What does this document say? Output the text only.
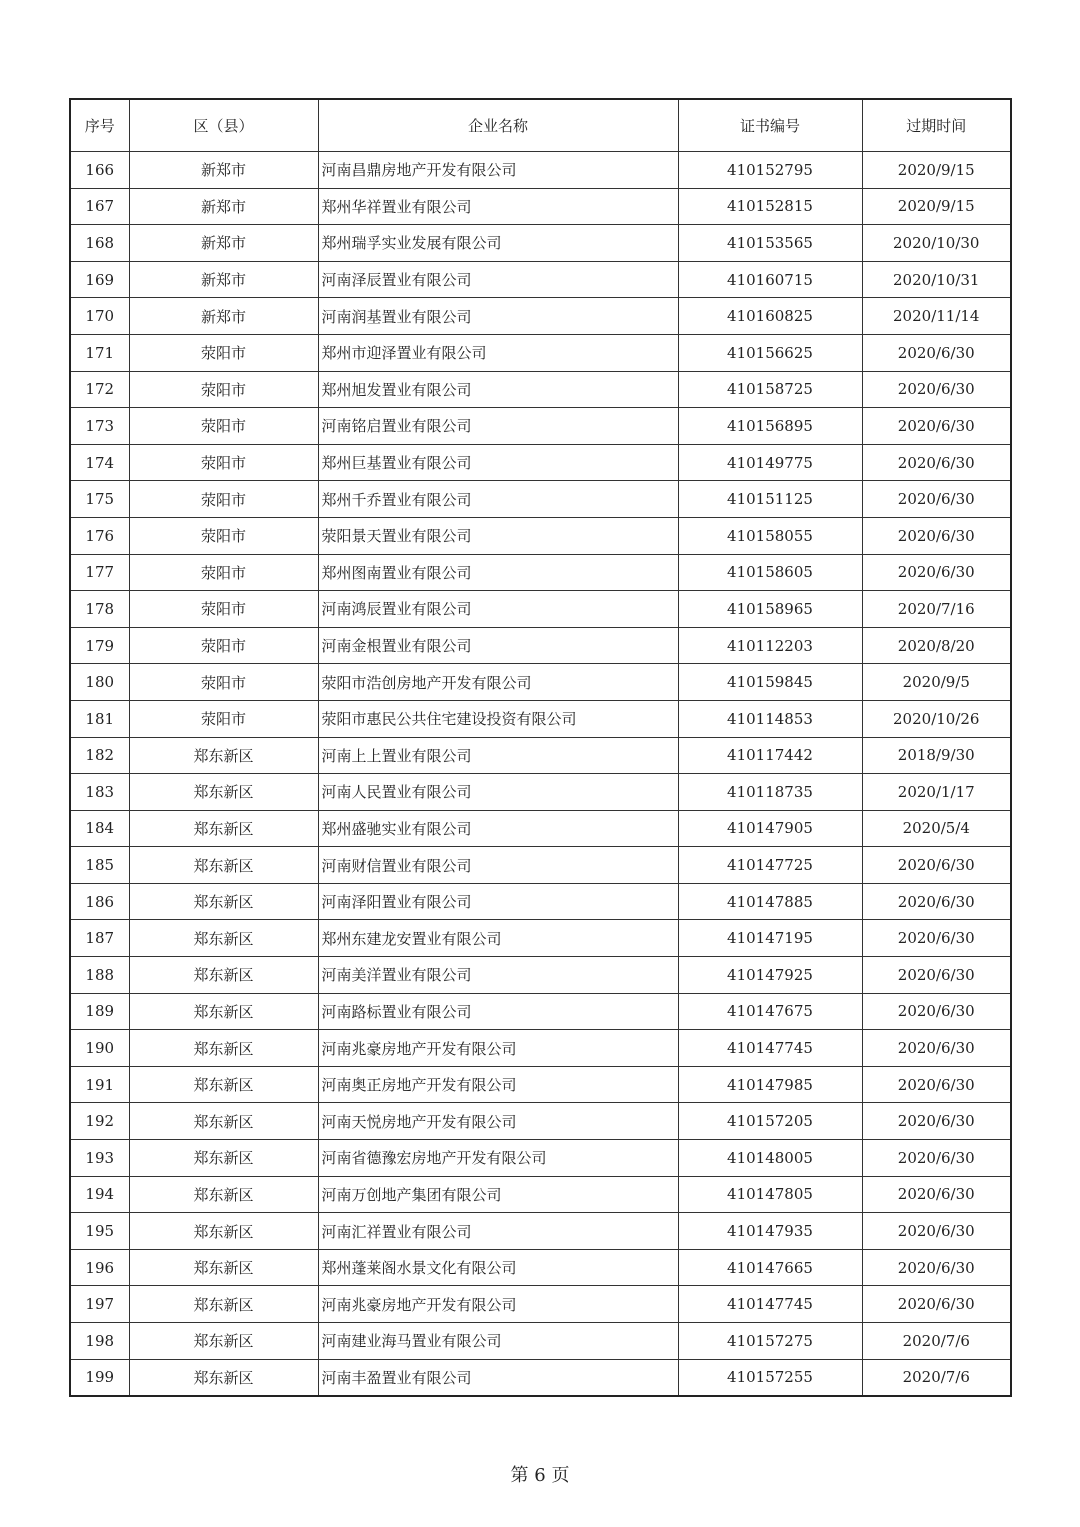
序号	区（县）	企业名称	证书编号	过期时间
166	新郑市	河南昌鼎房地产开发有限公司	410152795	2020/9/15
167	新郑市	郑州华祥置业有限公司	410152815	2020/9/15
168	新郑市	郑州瑞孚实业发展有限公司	410153565	2020/10/30
169	新郑市	河南泽辰置业有限公司	410160715	2020/10/31
170	新郑市	河南润基置业有限公司	410160825	2020/11/14
171	荥阳市	郑州市迎泽置业有限公司	410156625	2020/6/30
172	荥阳市	郑州旭发置业有限公司	410158725	2020/6/30
173	荥阳市	河南铭启置业有限公司	410156895	2020/6/30
174	荥阳市	郑州巨基置业有限公司	410149775	2020/6/30
175	荥阳市	郑州千乔置业有限公司	410151125	2020/6/30
176	荥阳市	荥阳景天置业有限公司	410158055	2020/6/30
177	荥阳市	郑州图南置业有限公司	410158605	2020/6/30
178	荥阳市	河南鸿辰置业有限公司	410158965	2020/7/16
179	荥阳市	河南金根置业有限公司	410112203	2020/8/20
180	荥阳市	荥阳市浩创房地产开发有限公司	410159845	2020/9/5
181	荥阳市	荥阳市惠民公共住宅建设投资有限公司	410114853	2020/10/26
182	郑东新区	河南上上置业有限公司	410117442	2018/9/30
183	郑东新区	河南人民置业有限公司	410118735	2020/1/17
184	郑东新区	郑州盛驰实业有限公司	410147905	2020/5/4
185	郑东新区	河南财信置业有限公司	410147725	2020/6/30
186	郑东新区	河南泽阳置业有限公司	410147885	2020/6/30
187	郑东新区	郑州东建龙安置业有限公司	410147195	2020/6/30
188	郑东新区	河南美洋置业有限公司	410147925	2020/6/30
189	郑东新区	河南路标置业有限公司	410147675	2020/6/30
190	郑东新区	河南兆豪房地产开发有限公司	410147745	2020/6/30
191	郑东新区	河南奥正房地产开发有限公司	410147985	2020/6/30
192	郑东新区	河南天悦房地产开发有限公司	410157205	2020/6/30
193	郑东新区	河南省德豫宏房地产开发有限公司	410148005	2020/6/30
194	郑东新区	河南万创地产集团有限公司	410147805	2020/6/30
195	郑东新区	河南汇祥置业有限公司	410147935	2020/6/30
196	郑东新区	郑州蓬莱阁水景文化有限公司	410147665	2020/6/30
197	郑东新区	河南兆豪房地产开发有限公司	410147745	2020/6/30
198	郑东新区	河南建业海马置业有限公司	410157275	2020/7/6
199	郑东新区	河南丰盈置业有限公司	410157255	2020/7/6
第 6 页
